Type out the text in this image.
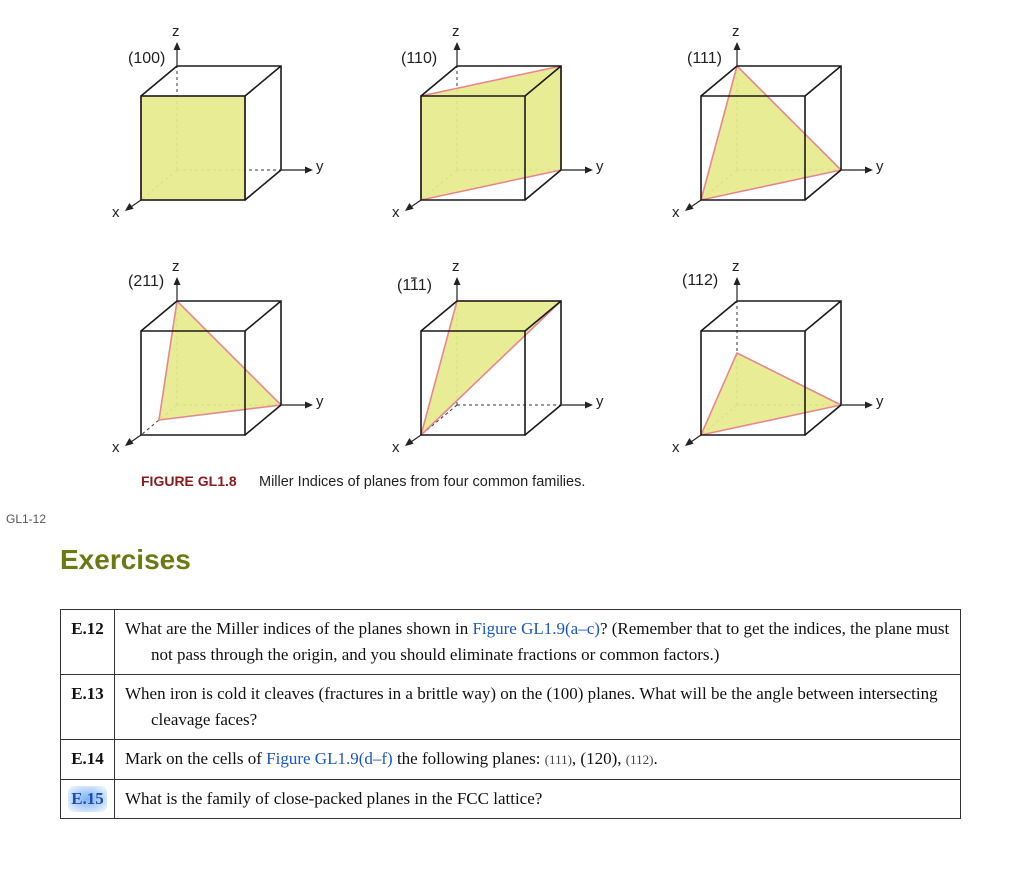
z
y
x
(100)
z
y
x
(110)
z
y
x
(111)
z
y
x
(211)
z
y
x
(111)
z
y
x
(112)
FIGURE GL1.8 Miller Indices of planes from four common families.
GL1-12
Exercises
E.12	What are the Miller indices of the planes shown in Figure GL1.9(a–c)? (Remember that to get the indices, the plane must not pass through the origin, and you should eliminate fractions or common factors.)

E.13	When iron is cold it cleaves (fractures in a brittle way) on the (100) planes. What will be the angle between intersecting cleavage faces?

E.14	Mark on the cells of Figure GL1.9(d–f) the following planes: (111), (120), (112).

E.15	What is the family of close-packed planes in the FCC lattice?
